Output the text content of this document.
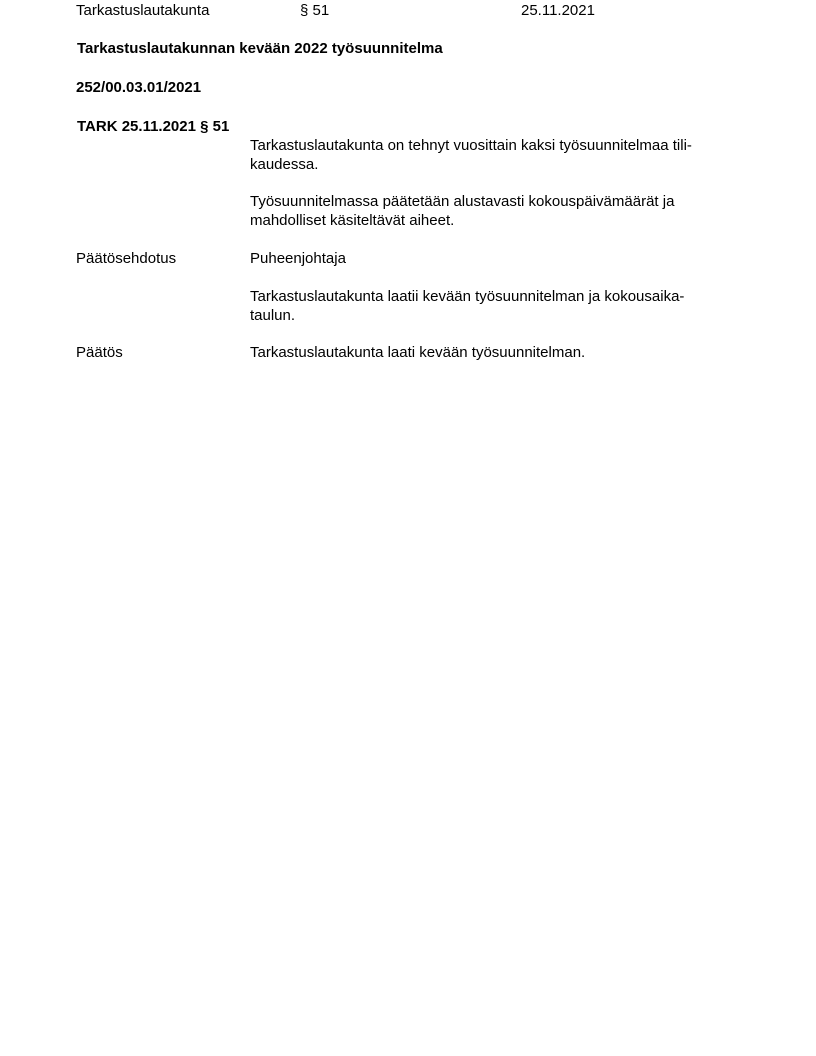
Tarkastuslautakunta	§ 51	25.11.2021
Tarkastuslautakunnan kevään 2022 työsuunnitelma
252/00.03.01/2021
TARK 25.11.2021 § 51
Tarkastuslautakunta on tehnyt vuosittain kaksi työsuunnitelmaa tili-
kaudessa.
Työsuunnitelmassa päätetään alustavasti kokouspäivämäärät ja
mahdolliset käsiteltävät aiheet.
Päätösehdotus	Puheenjohtaja
Tarkastuslautakunta laatii kevään työsuunnitelman ja kokousaika-
taulun.
Päätös	Tarkastuslautakunta laati kevään työsuunnitelman.
